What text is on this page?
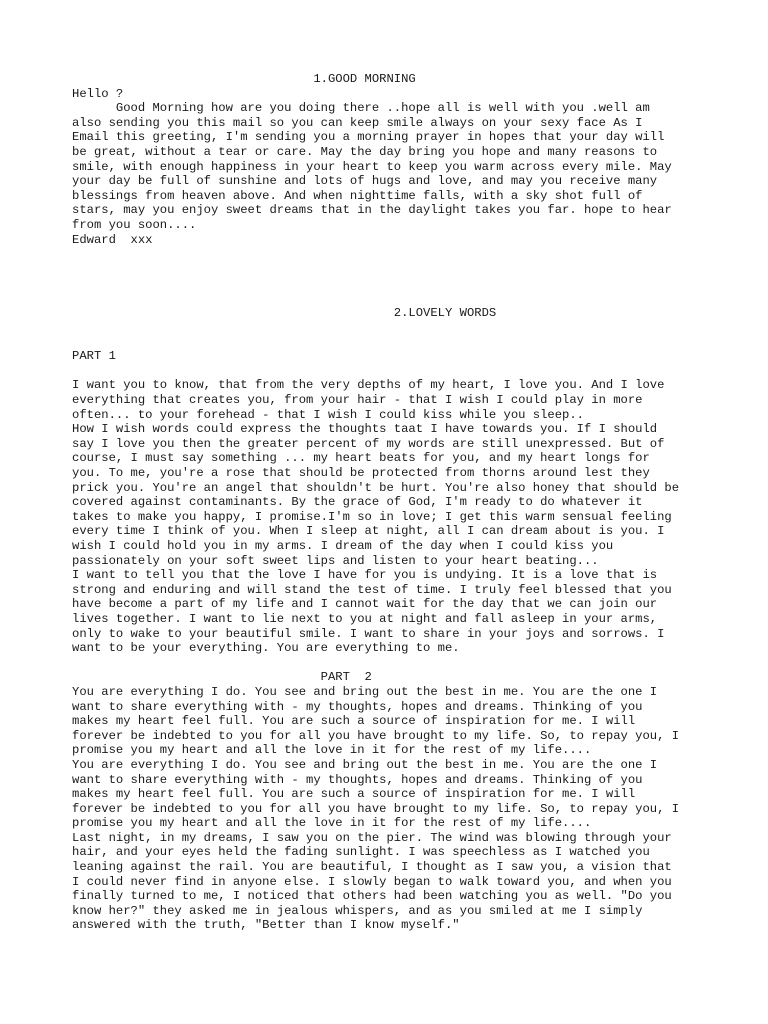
1.GOOD MORNING
Hello ?
Good Morning how are you doing there ..hope all is well with you .well am
also sending you this mail so you can keep smile always on your sexy face As I
Email this greeting, I'm sending you a morning prayer in hopes that your day will
be great, without a tear or care. May the day bring you hope and many reasons to
smile, with enough happiness in your heart to keep you warm across every mile. May
your day be full of sunshine and lots of hugs and love, and may you receive many
blessings from heaven above. And when nighttime falls, with a sky shot full of
stars, may you enjoy sweet dreams that in the daylight takes you far. hope to hear
from you soon....
Edward  xxx
2.LOVELY WORDS
PART 1
I want you to know, that from the very depths of my heart, I love you. And I love
everything that creates you, from your hair - that I wish I could play in more
often... to your forehead - that I wish I could kiss while you sleep..
How I wish words could express the thoughts taat I have towards you. If I should
say I love you then the greater percent of my words are still unexpressed. But of
course, I must say something ... my heart beats for you, and my heart longs for
you. To me, you're a rose that should be protected from thorns around lest they
prick you. You're an angel that shouldn't be hurt. You're also honey that should be
covered against contaminants. By the grace of God, I'm ready to do whatever it
takes to make you happy, I promise.I'm so in love; I get this warm sensual feeling
every time I think of you. When I sleep at night, all I can dream about is you. I
wish I could hold you in my arms. I dream of the day when I could kiss you
passionately on your soft sweet lips and listen to your heart beating...
I want to tell you that the love I have for you is undying. It is a love that is
strong and enduring and will stand the test of time. I truly feel blessed that you
have become a part of my life and I cannot wait for the day that we can join our
lives together. I want to lie next to you at night and fall asleep in your arms,
only to wake to your beautiful smile. I want to share in your joys and sorrows. I
want to be your everything. You are everything to me.
PART  2
You are everything I do. You see and bring out the best in me. You are the one I
want to share everything with - my thoughts, hopes and dreams. Thinking of you
makes my heart feel full. You are such a source of inspiration for me. I will
forever be indebted to you for all you have brought to my life. So, to repay you, I
promise you my heart and all the love in it for the rest of my life....
You are everything I do. You see and bring out the best in me. You are the one I
want to share everything with - my thoughts, hopes and dreams. Thinking of you
makes my heart feel full. You are such a source of inspiration for me. I will
forever be indebted to you for all you have brought to my life. So, to repay you, I
promise you my heart and all the love in it for the rest of my life....
Last night, in my dreams, I saw you on the pier. The wind was blowing through your
hair, and your eyes held the fading sunlight. I was speechless as I watched you
leaning against the rail. You are beautiful, I thought as I saw you, a vision that
I could never find in anyone else. I slowly began to walk toward you, and when you
finally turned to me, I noticed that others had been watching you as well. "Do you
know her?" they asked me in jealous whispers, and as you smiled at me I simply
answered with the truth, "Better than I know myself."
